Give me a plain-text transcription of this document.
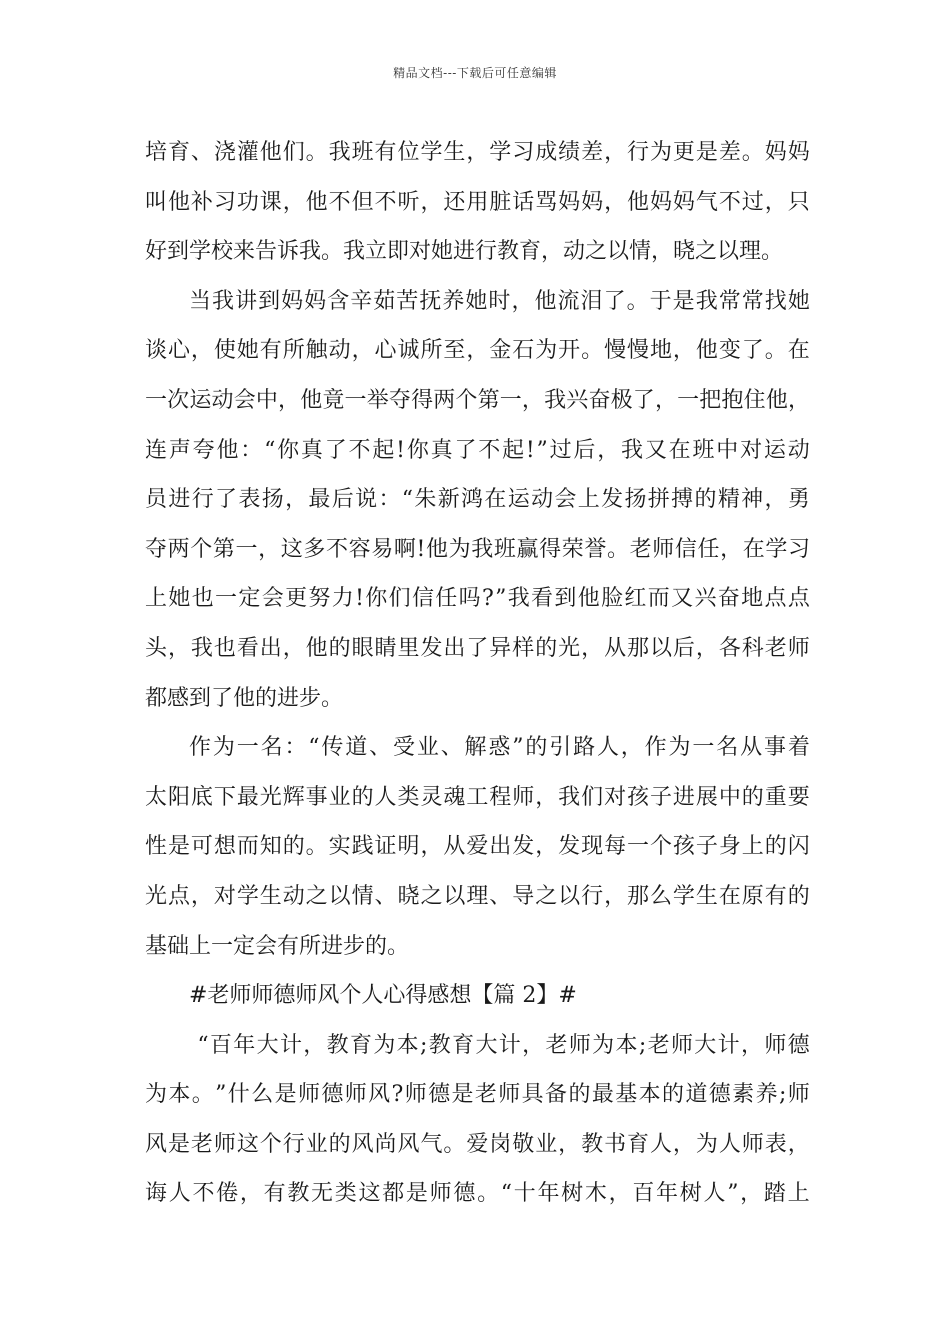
精品文档---下载后可任意编辑
培 育 、 浇 灌 他 们 。 我 班 有 位 学 生 ， 学 习 成 绩 差 ， 行 为 更 是 差 。 妈 妈
叫 他 补 习 功 课 ， 他 不 但 不 听 ， 还 用 脏 话 骂 妈 妈 ， 他 妈 妈 气 不 过 ， 只
好到学校来告诉我。我立即对她进行教育，动之以情，晓之以理。
当 我 讲 到 妈 妈 含 辛 茹 苦 抚 养 她 时 ， 他 流 泪 了 。 于 是 我 常 常 找 她
谈 心 ， 使 她 有 所 触 动 ， 心 诚 所 至 ， 金 石 为 开 。 慢 慢 地 ， 他 变 了 。 在
一 次 运 动 会 中 ， 他 竟 一 举 夺 得 两 个 第 一 ， 我 兴 奋 极 了 ， 一 把 抱 住 他 ，
连 声 夸 他 ： “ 你 真 了 不 起 ! 你 真 了 不 起 ! ” 过 后 ， 我 又 在 班 中 对 运 动
员 进 行 了 表 扬 ， 最 后 说 ： “ 朱 新 鸿 在 运 动 会 上 发 扬 拼 搏 的 精 神 ， 勇
夺 两 个 第 一 ， 这 多 不 容 易 啊 ! 他 为 我 班 赢 得 荣 誉 。 老 师 信 任 ， 在 学 习
上 她 也 一 定 会 更 努 力 ! 你 们 信 任 吗 ? ” 我 看 到 他 脸 红 而 又 兴 奋 地 点 点
头 ， 我 也 看 出 ， 他 的 眼 睛 里 发 出 了 异 样 的 光 ， 从 那 以 后 ， 各 科 老 师
都感到了他的进步。
作 为 一 名 ： “ 传 道 、 受 业 、 解 惑 ” 的 引 路 人 ， 作 为 一 名 从 事 着
太 阳 底 下 最 光 辉 事 业 的 人 类 灵 魂 工 程 师 ， 我 们 对 孩 子 进 展 中 的 重 要
性 是 可 想 而 知 的 。 实 践 证 明 ， 从 爱 出 发 ， 发 现 每 一 个 孩 子 身 上 的 闪
光 点 ， 对 学 生 动 之 以 情 、 晓 之 以 理 、 导 之 以 行 ， 那 么 学 生 在 原 有 的
基础上一定会有所进步的。
#老师师德师风个人心得感想【篇 2】#

“ 百 年 大 计 ， 教 育 为 本 ; 教 育 大 计 ， 老 师 为 本 ; 老 师 大 计 ， 师 德
为 本 。 ” 什 么 是 师 德 师 风 ? 师 德 是 老 师 具 备 的 最 基 本 的 道 德 素 养 ; 师
风 是 老 师 这 个 行 业 的 风 尚 风 气 。 爱 岗 敬 业 ， 教 书 育 人 ， 为 人 师 表 ，
诲 人 不 倦 ， 有 教 无 类 这 都 是 师 德 。 “ 十 年 树 木 ， 百 年 树 人 ” ， 踏 上
